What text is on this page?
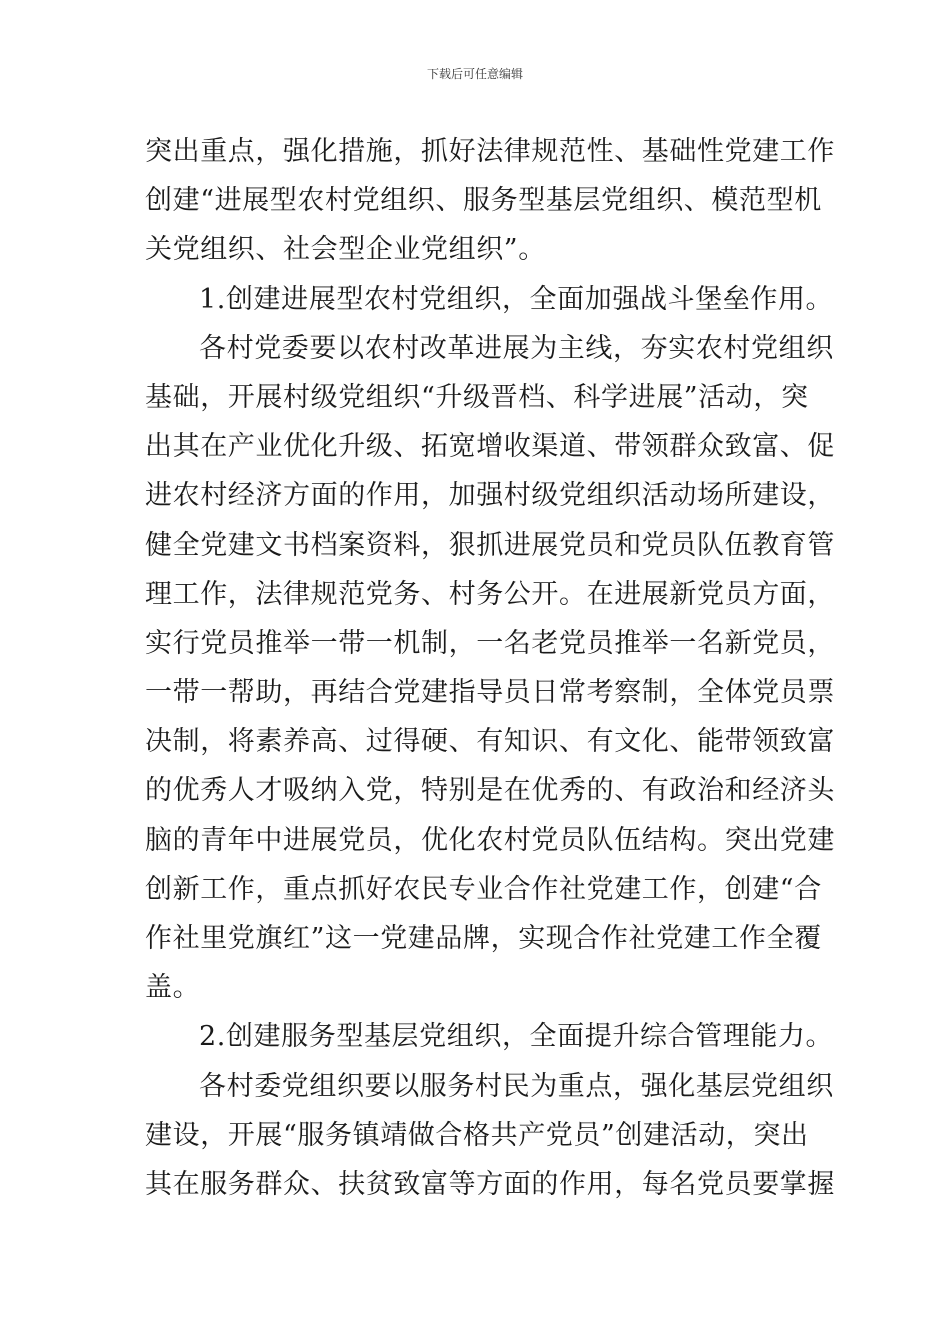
下载后可任意编辑

突出重点，强化措施，抓好法律规范性、基础性党建工作
创建“进展型农村党组织、服务型基层党组织、模范型机
关党组织、社会型企业党组织”。

1.创建进展型农村党组织，全面加强战斗堡垒作用。

各村党委要以农村改革进展为主线，夯实农村党组织
基础，开展村级党组织“升级晋档、科学进展”活动，突
出其在产业优化升级、拓宽增收渠道、带领群众致富、促
进农村经济方面的作用，加强村级党组织活动场所建设，
健全党建文书档案资料，狠抓进展党员和党员队伍教育管
理工作，法律规范党务、村务公开。在进展新党员方面，
实行党员推举一带一机制，一名老党员推举一名新党员，
一带一帮助，再结合党建指导员日常考察制，全体党员票
决制，将素养高、过得硬、有知识、有文化、能带领致富
的优秀人才吸纳入党，特别是在优秀的、有政治和经济头
脑的青年中进展党员，优化农村党员队伍结构。突出党建
创新工作，重点抓好农民专业合作社党建工作，创建“合
作社里党旗红”这一党建品牌，实现合作社党建工作全覆
盖。

2.创建服务型基层党组织，全面提升综合管理能力。

各村委党组织要以服务村民为重点，强化基层党组织
建设，开展“服务镇靖做合格共产党员”创建活动，突出
其在服务群众、扶贫致富等方面的作用，每名党员要掌握
